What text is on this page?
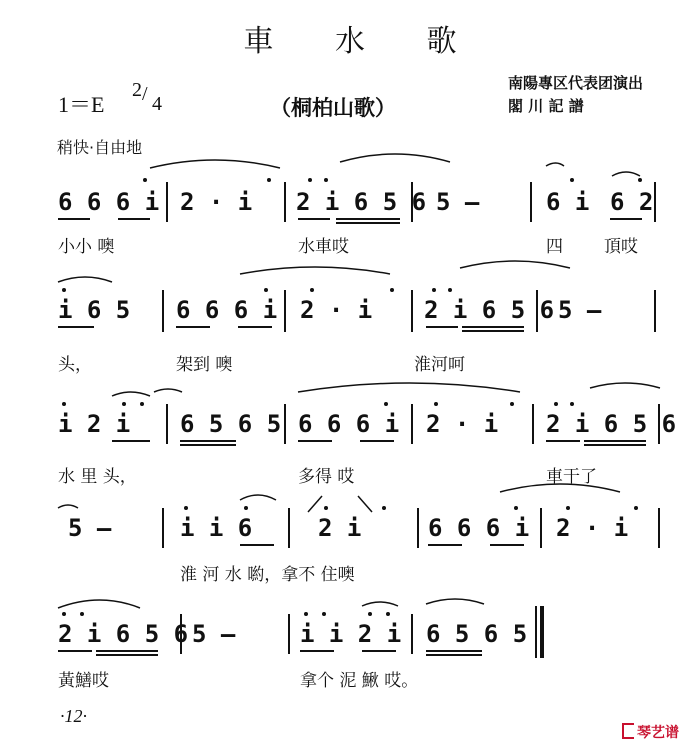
車 水 歌
1＝E
2 / 4	（桐柏山歌）
南陽專区代表团演出
閣 川 記 譜
稍快·自由地
6 6 6 i 2 · i 2 i 6 5 6 5 —	6 i 6 2
小小 噢	水車哎	四 頂哎
i 6 5 6 6 6 i 2 · i 2 i 6 5 6 5 —
头，	架到 噢	淮河呵
i 2 i 6 5 6 5 6 6 6 i 2 · i 2 i 6 5 6
水 里 头，	多得 哎	車干了
5 —	i i 6	2 i	6 6 6 i 2 · i
淮 河 水 喲，拿不 住噢
2 i 6 5 6 5 —	i i 2 i 6 5 6 5
黃鱔哎	拿个 泥 鰍 哎。
·12·
琴艺谱
